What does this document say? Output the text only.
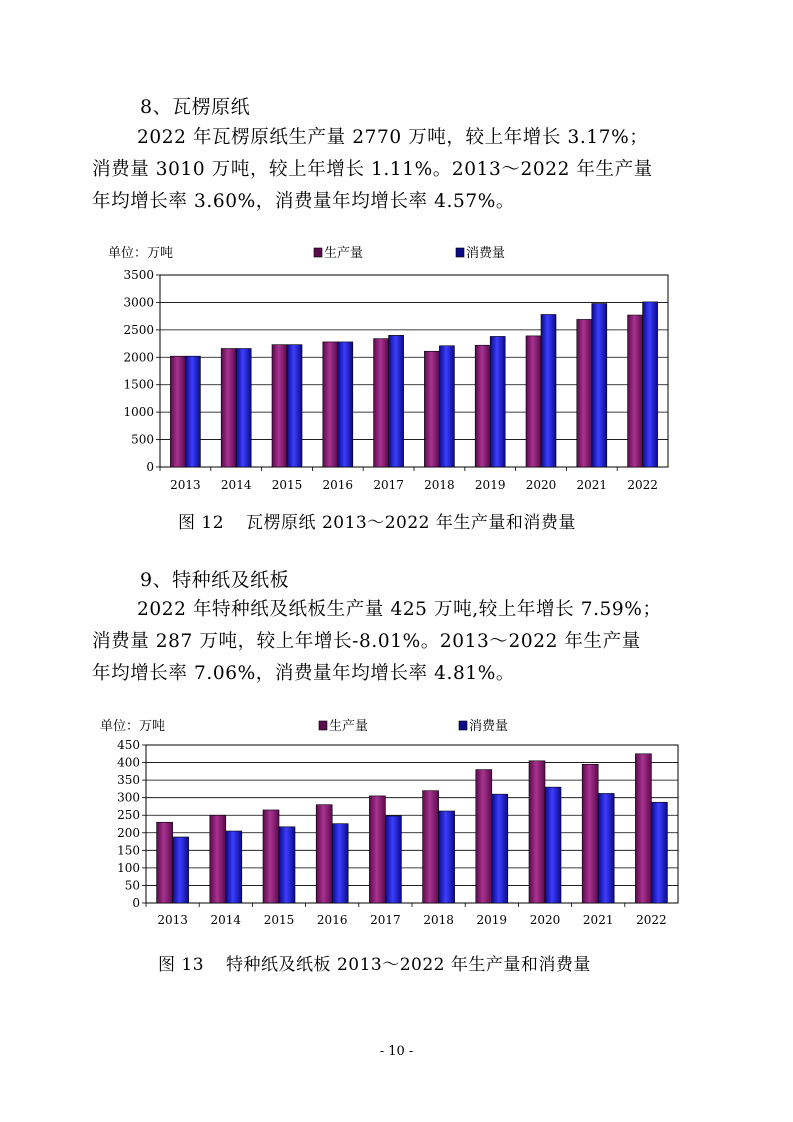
8、瓦楞原纸
2022 年瓦楞原纸生产量 2770 万吨，较上年增长 3.17%；
消费量 3010 万吨，较上年增长 1.11%。2013～2022 年生产量
年均增长率 3.60%，消费量年均增长率 4.57%。
0
500
1000
1500
2000
2500
3000
3500
2013 2014 2015 2016 2017 2018 2019 2020 2021 2022
单位：万吨	生产量	消费量
图 12 瓦楞原纸 2013～2022 年生产量和消费量
9、特种纸及纸板
2022 年特种纸及纸板生产量 425 万吨,较上年增长 7.59%；
消费量 287 万吨，较上年增长-8.01%。2013～2022 年生产量
年均增长率 7.06%，消费量年均增长率 4.81%。
0
50
100
150
200
250
300
350
400
450
2013 2014 2015 2016 2017 2018 2019 2020 2021 2022
单位：万吨	生产量	消费量
图 13 特种纸及纸板 2013～2022 年生产量和消费量
- 10 -
